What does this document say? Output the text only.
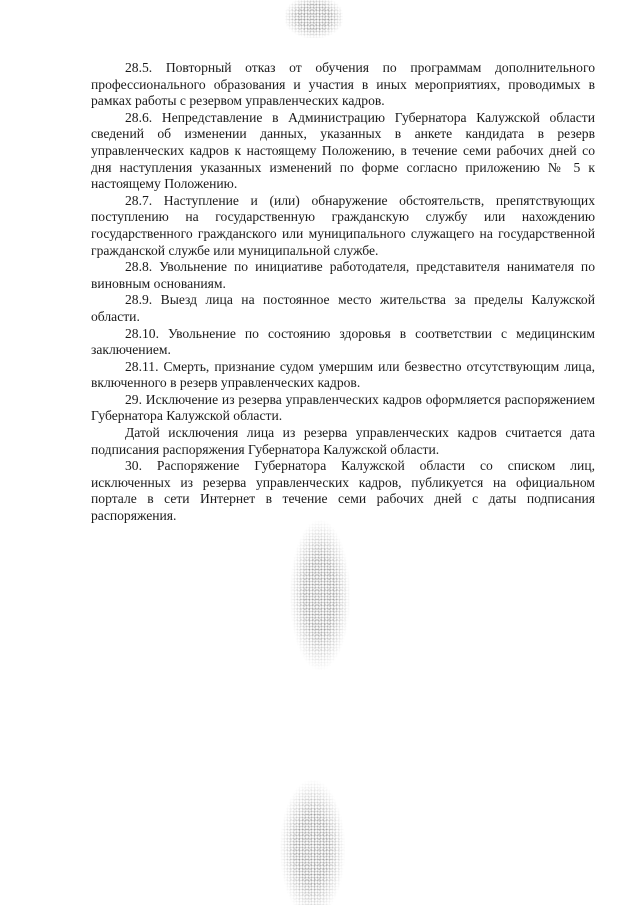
28.5. Повторный отказ от обучения по программам дополнительного профессионального образования и участия в иных мероприятиях, проводимых в рамках работы с резервом управленческих кадров.

28.6. Непредставление в Администрацию Губернатора Калужской области сведений об изменении данных, указанных в анкете кандидата в резерв управленческих кадров к настоящему Положению, в течение семи рабочих дней со дня наступления указанных изменений по форме согласно приложению № 5 к настоящему Положению.

28.7. Наступление и (или) обнаружение обстоятельств, препятствующих поступлению на государственную гражданскую службу или нахождению государственного гражданского или муниципального служащего на государственной гражданской службе или муниципальной службе.

28.8. Увольнение по инициативе работодателя, представителя нанимателя по виновным основаниям.

28.9. Выезд лица на постоянное место жительства за пределы Калужской области.

28.10. Увольнение по состоянию здоровья в соответствии с медицинским заключением.

28.11. Смерть, признание судом умершим или безвестно отсутствующим лица, включенного в резерв управленческих кадров.

29. Исключение из резерва управленческих кадров оформляется распоряжением Губернатора Калужской области.

Датой исключения лица из резерва управленческих кадров считается дата подписания распоряжения Губернатора Калужской области.

30. Распоряжение Губернатора Калужской области со списком лиц, исключенных из резерва управленческих кадров, публикуется на официальном портале в сети Интернет в течение семи рабочих дней с даты подписания распоряжения.
